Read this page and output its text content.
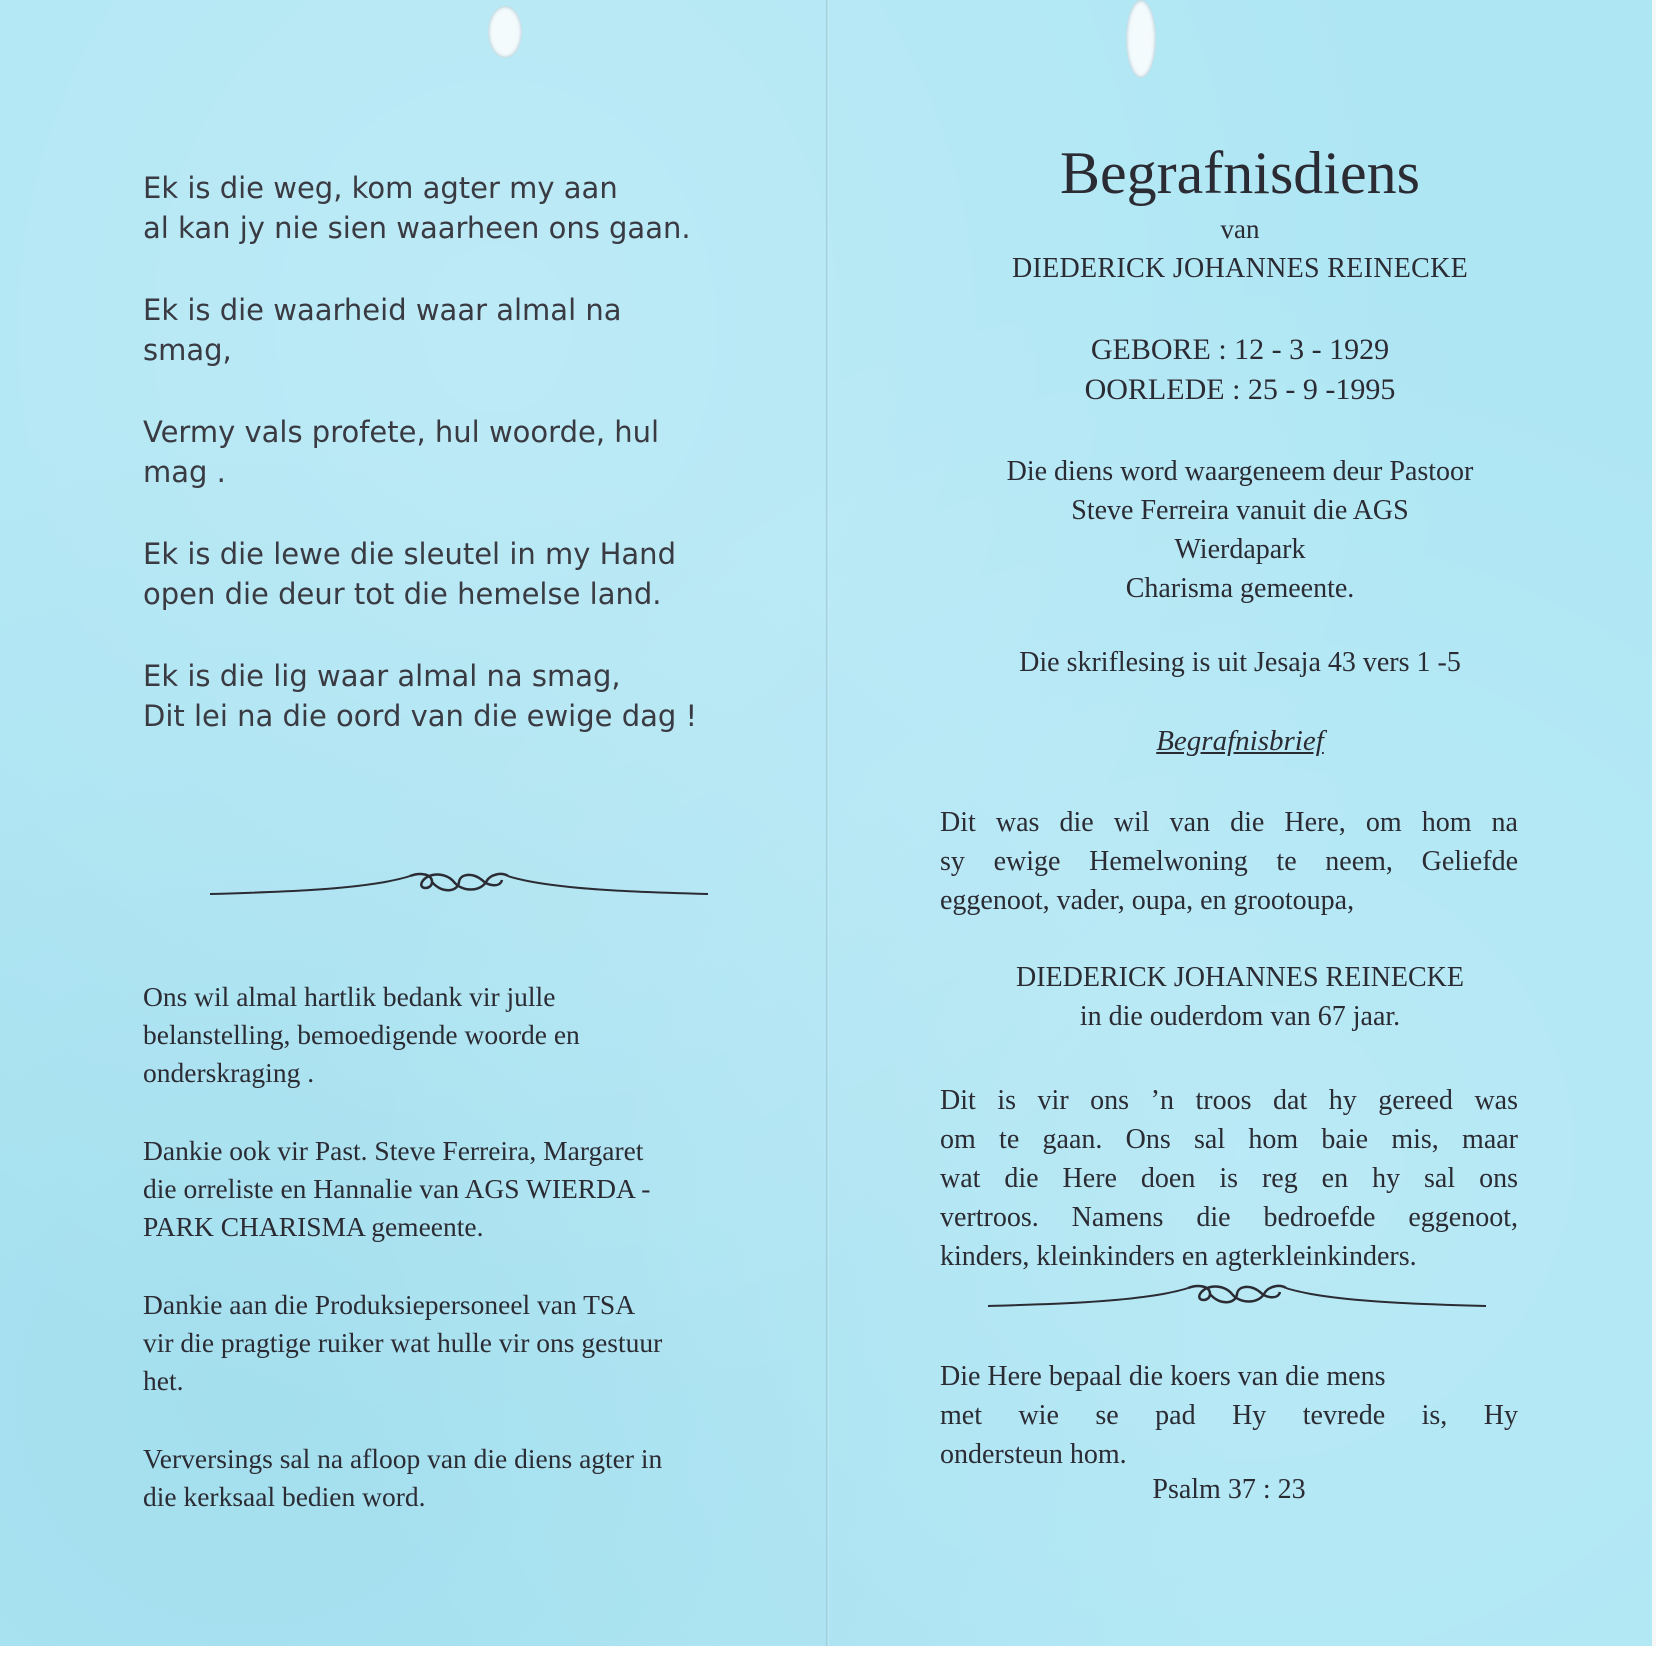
Ek is die weg, kom agter my aan
al kan jy nie sien waarheen ons gaan.

Ek is die waarheid waar almal na
smag,

Vermy vals profete, hul woorde, hul
mag .

Ek is die lewe die sleutel in my Hand
open die deur tot die hemelse land.

Ek is die lig waar almal na smag,
Dit lei na die oord van die ewige dag !

Ons wil almal hartlik bedank vir julle
belanstelling, bemoedigende woorde en
onderskraging .

Dankie ook vir Past. Steve Ferreira, Margaret
die orreliste en Hannalie van AGS WIERDA -
PARK CHARISMA gemeente.

Dankie aan die Produksiepersoneel van TSA
vir die pragtige ruiker wat hulle vir ons gestuur
het.

Verversings sal na afloop van die diens agter in
die kerksaal bedien word.

Begrafnisdiens
van
DIEDERICK JOHANNES REINECKE
GEBORE : 12 - 3 - 1929
OORLEDE : 25 - 9 -1995
Die diens word waargeneem deur Pastoor
Steve Ferreira vanuit die AGS
Wierdapark
Charisma gemeente.
Die skriflesing is uit Jesaja 43 vers 1 -5
Begrafnisbrief
Dit was die wil van die Here, om hom na
sy ewige Hemelwoning te neem, Geliefde
eggenoot, vader, oupa, en grootoupa,
DIEDERICK JOHANNES REINECKE
in die ouderdom van 67 jaar.
Dit is vir ons ’n troos dat hy gereed was
om te gaan. Ons sal hom baie mis, maar
wat die Here doen is reg en hy sal ons
vertroos. Namens die bedroefde eggenoot,
kinders, kleinkinders en agterkleinkinders.
Die Here bepaal die koers van die mens
met wie se pad Hy tevrede is, Hy
ondersteun hom.
Psalm 37 : 23
